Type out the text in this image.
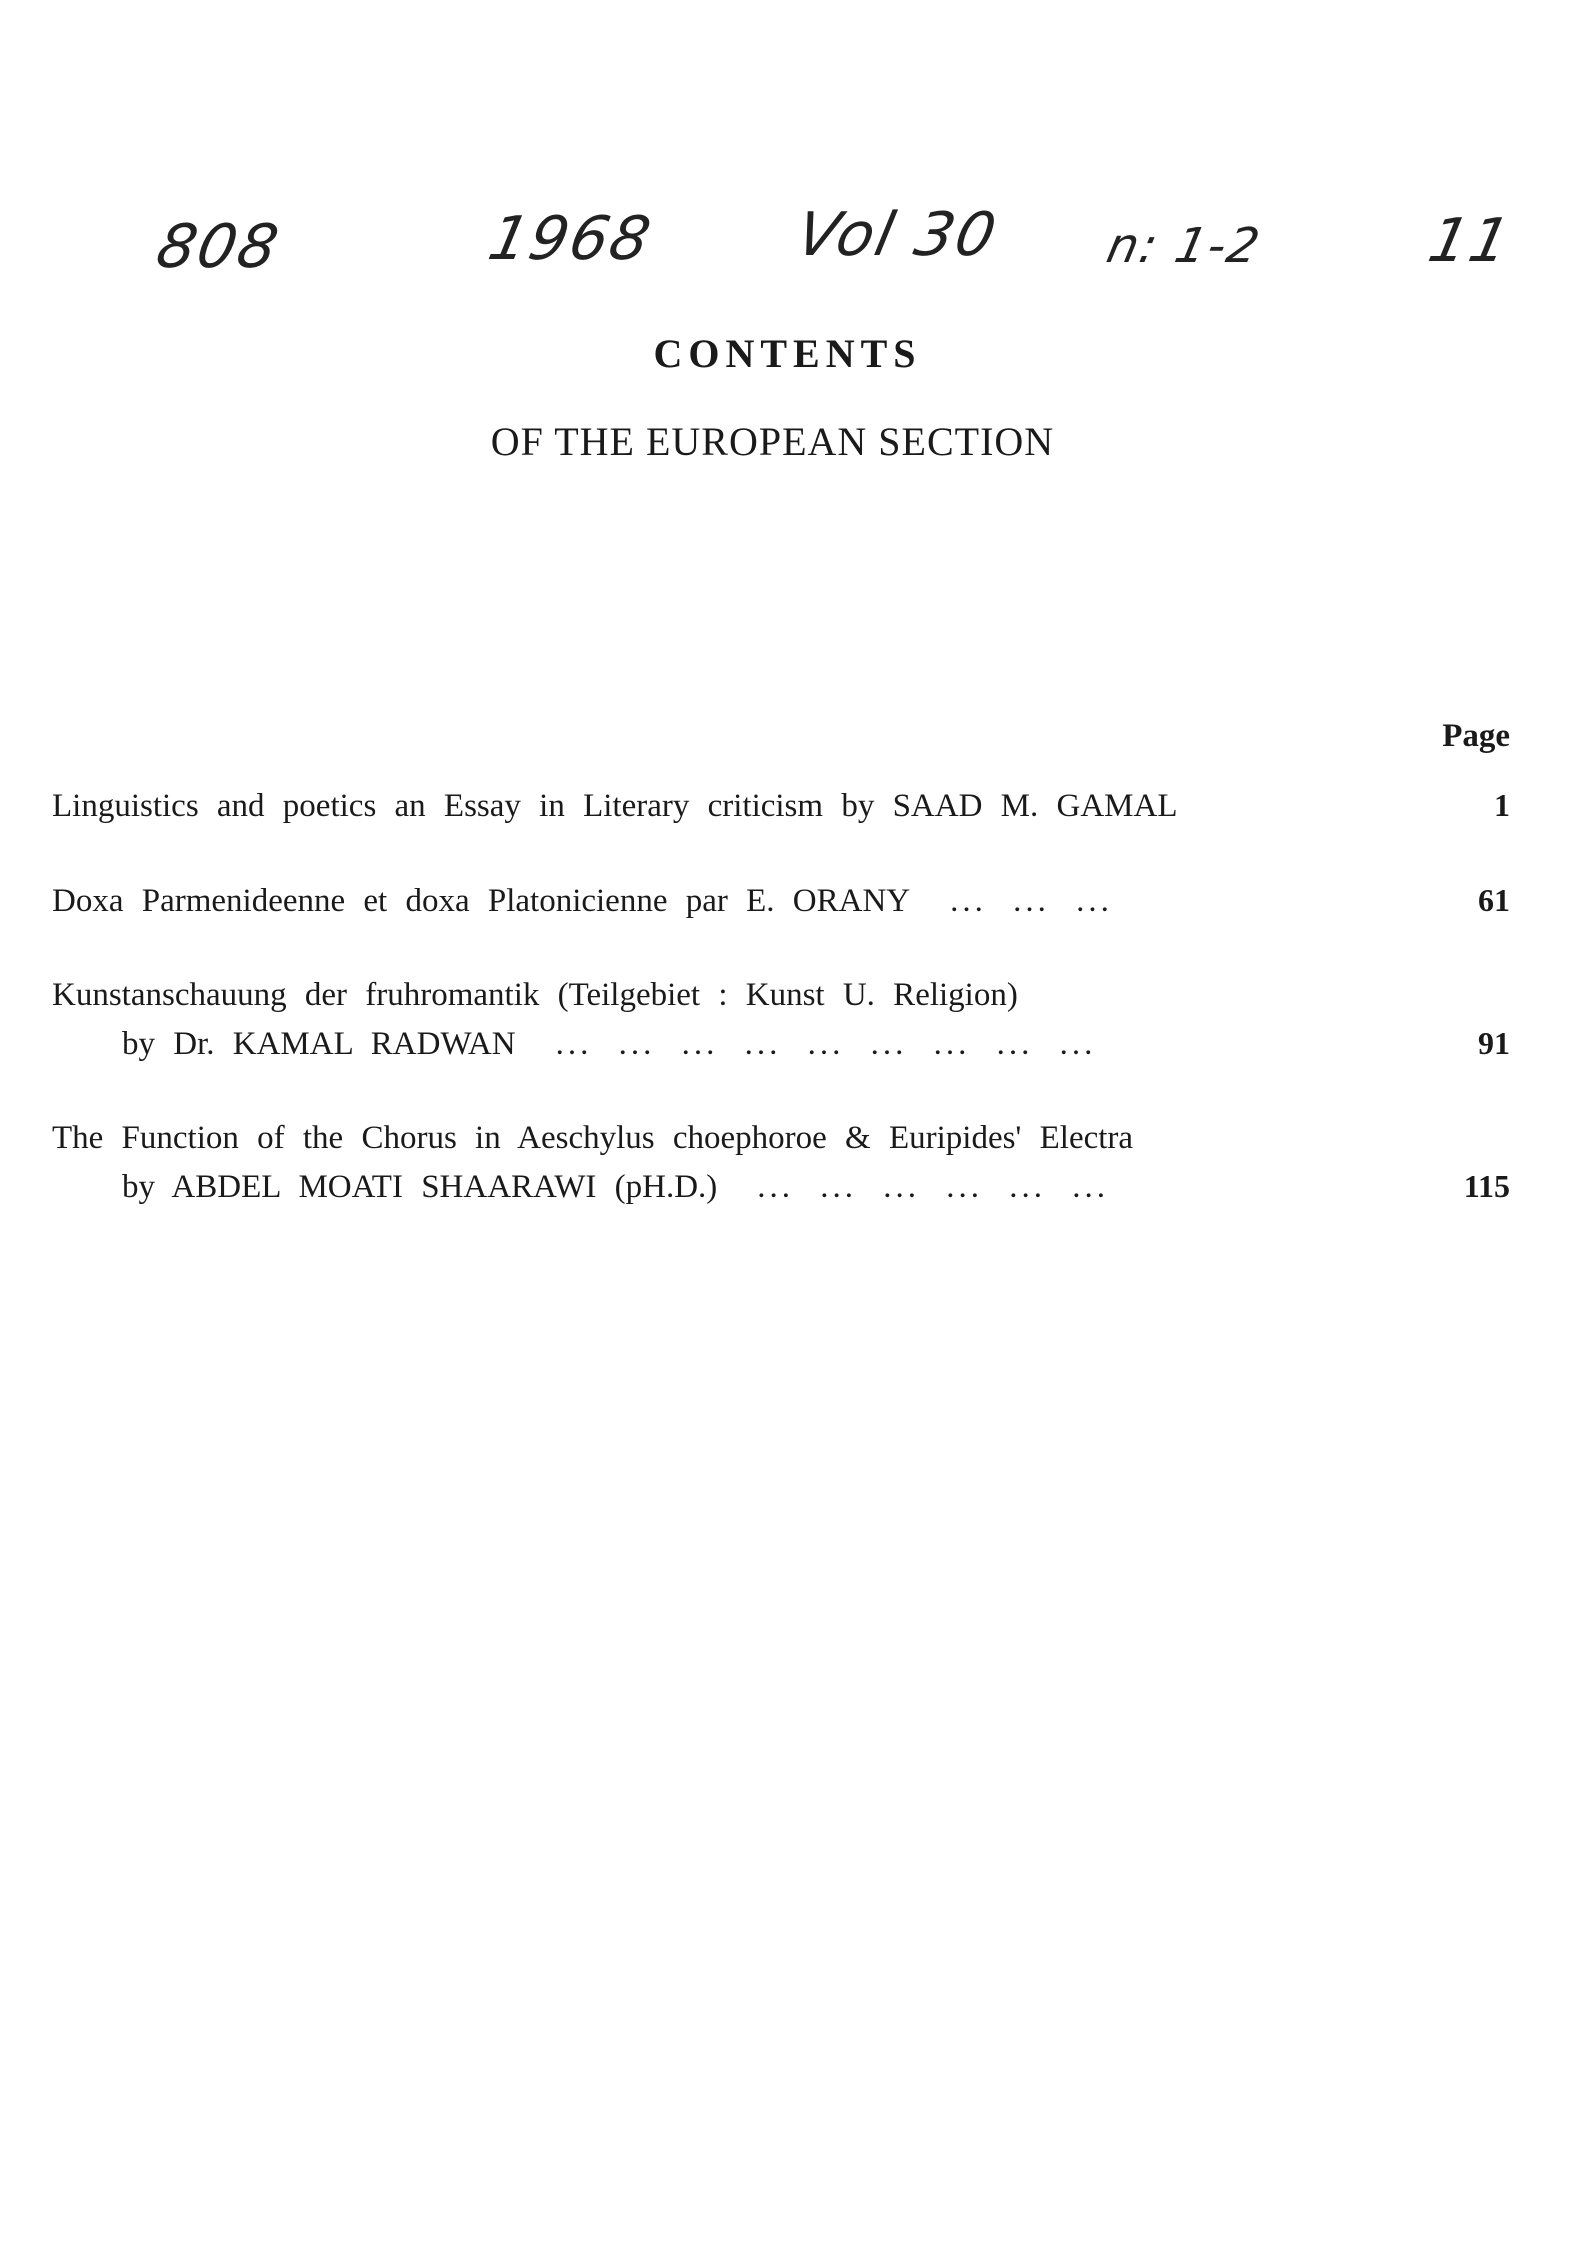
808	1968 Vol 30 n: 1-2	11
CONTENTS
OF THE EUROPEAN SECTION
Page
Linguistics and poetics an Essay in Literary criticism by SAAD M. GAMAL	1
Doxa Parmenideenne et doxa Platonicienne par E. ORANY ... ... ...	61
Kunstanschauung der fruhromantik (Teilgebiet : Kunst U. Religion)
by Dr. KAMAL RADWAN ... ... ... ... ... ... ... ... ...	91
The Function of the Chorus in Aeschylus choephoroe & Euripides' Electra
by ABDEL MOATI SHAARAWI (pH.D.) ... ... ... ... ... ...	115
